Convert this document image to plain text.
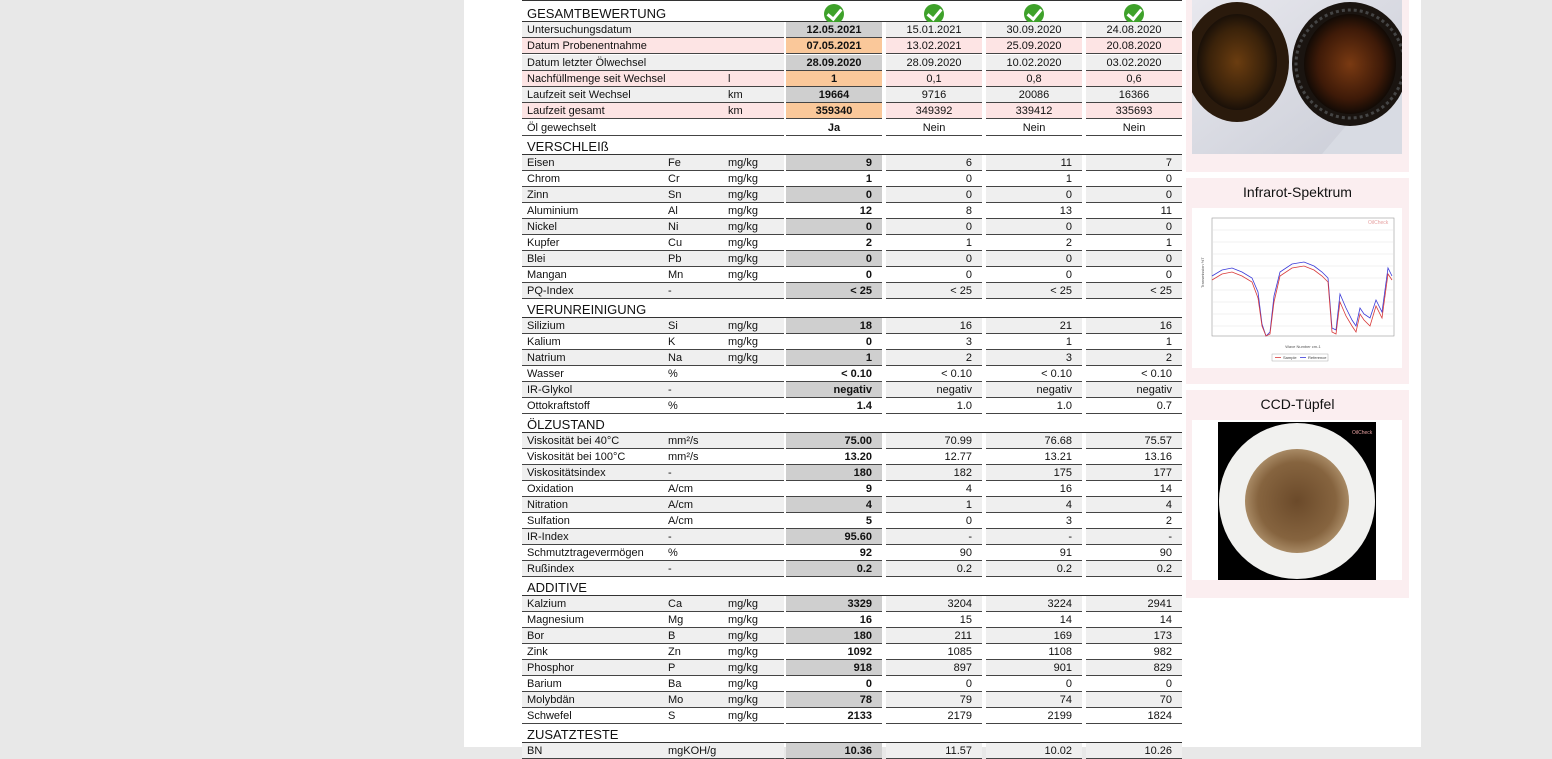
GESAMTBEWERTUNG
Untersuchungsdatum	12.05.2021	15.01.2021	30.09.2020	24.08.2020
Datum Probenentnahme	07.05.2021	13.02.2021	25.09.2020	20.08.2020
Datum letzter Ölwechsel	28.09.2020	28.09.2020	10.02.2020	03.02.2020
Nachfüllmenge seit Wechsel	l	1	0,1	0,8	0,6
Laufzeit seit Wechsel	km	19664	9716	20086	16366
Laufzeit gesamt	km	359340	349392	339412	335693
Öl gewechselt	Ja	Nein	Nein	Nein
VERSCHLEIß
Eisen	Fe	mg/kg	9	6	11	7
Chrom	Cr	mg/kg	1	0	1	0
Zinn	Sn	mg/kg	0	0	0	0
Aluminium	Al	mg/kg	12	8	13	11
Nickel	Ni	mg/kg	0	0	0	0
Kupfer	Cu	mg/kg	2	1	2	1
Blei	Pb	mg/kg	0	0	0	0
Mangan	Mn	mg/kg	0	0	0	0
PQ-Index	-	< 25	< 25	< 25	< 25
VERUNREINIGUNG
Silizium	Si	mg/kg	18	16	21	16
Kalium	K	mg/kg	0	3	1	1
Natrium	Na	mg/kg	1	2	3	2
Wasser	%	< 0.10	< 0.10	< 0.10	< 0.10
IR-Glykol	-	negativ	negativ	negativ	negativ
Ottokraftstoff	%	1.4	1.0	1.0	0.7
ÖLZUSTAND
Viskosität bei 40°C	mm²/s	75.00	70.99	76.68	75.57
Viskosität bei 100°C	mm²/s	13.20	12.77	13.21	13.16
Viskositätsindex	-	180	182	175	177
Oxidation	A/cm	9	4	16	14
Nitration	A/cm	4	1	4	4
Sulfation	A/cm	5	0	3	2
IR-Index	-	95.60	-	-	-
Schmutztragevermögen	%	92	90	91	90
Rußindex	-	0.2	0.2	0.2	0.2
ADDITIVE
Kalzium	Ca	mg/kg	3329	3204	3224	2941
Magnesium	Mg	mg/kg	16	15	14	14
Bor	B	mg/kg	180	211	169	173
Zink	Zn	mg/kg	1092	1085	1108	982
Phosphor	P	mg/kg	918	897	901	829
Barium	Ba	mg/kg	0	0	0	0
Molybdän	Mo	mg/kg	78	79	74	70
Schwefel	S	mg/kg	2133	2179	2199	1824
ZUSATZTESTE
BN	mgKOH/g	10.36	11.57	10.02	10.26
Infrarot-Spektrum
Transmission %T
Wave Number cm-1
Sample	Reference
OilCheck
CCD-Tüpfel
OilCheck
